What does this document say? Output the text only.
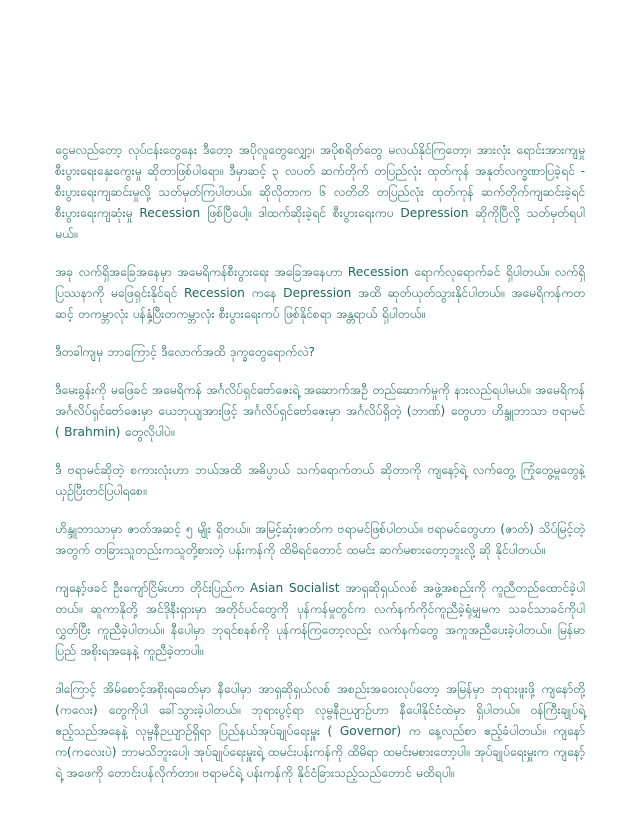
ငွေမလည်တော့ လုပ်ငန်းတွေနေး ဒီတော့ အပိုလူတွေလျှော့၊ အပိုစရိတ်တွေ မလယ်နိုင်ကြတော့၊ အားလုံး ရောင်းအားကျမှု စီးပွားရေးနှေးကွေးမှု ဆိုတာဖြစ်ပါရော။ ဒီမှာဆင့် ၃ လပတ် ဆက်တိုက် တပြည်လုံး ထုတ်ကုန် အနုတ်လက္ခဏာပြခဲ့ရင် - စီးပွားရေးကျဆင်းမှုလို့ သတ်မှတ်ကြပါတယ်။ ဆိုလိုတာက ၆ လတိတိ တပြည်လုံး ထုတ်ကုန် ဆက်တိုက်ကျဆင်းခဲ့ရင် စီးပွားရေးကျဆုံးမှု Recession ဖြစ်ပြီပေါ့။ ဒါထက်ဆိုးခဲ့ရင် စီးပွားရေးကပ Depression ဆိုကိုပြီလို့ သတ်မှတ်ရပါမယ်။

အခု လက်ရှိအခြေအနေမှာ အမေရိကန်စီးပွားရေး အခြေအနေဟာ Recession ရောက်လုရောက်ခင် ရှိပါတယ်။ လက်ရှိ ပြဿနာကို မဖြေရှင်းနိုင်ရင် Recession ကနေ Depression အထိ ဆုတ်ယုတ်သွားနိုင်ပါတယ်။ အမေရိကန်ကတဆင့် တကမ္ဘာလုံး ပန်နှံ့ပြီးတကမ္ဘာလုံး စီးပွားရေးကပ် ဖြစ်နိုင်စရာ အန္တရာယ် ရှိပါတယ်။

ဒီတခါကျမှ ဘာကြောင့် ဒီလောက်အထိ ဒုက္ခတွေရောက်လဲ?

ဒီမေးခွန်းကို မဖြေခင် အမေရိကန် အင်္ဂလိပ်ရှင်ဗော်ဇေးရဲ့ အဆောက်အဦ တည်ဆောက်မှုကို နားလည်ရပါမယ်။ အမေရိကန် အင်္ဂလိပ်ရှင်ဗော်ဇေးမှာ ယေဘုယျအားဖြင့် အင်္ဂလိပ်ရှင်ဗော်ဇေးမှာ အင်္ဂလိပ်ရှိတဲ့ (ဘာဏ်) တွေဟာ ဟိန္ဒူဘာသာ ဗရာမင် ( Brahmin) တွေလိုပါပဲ။

ဒီ ဗရာမင်ဆိုတဲ့ စကားလုံးဟာ ဘယ်အထိ အဓိပ္ပာယ် သက်ရောက်တယ် ဆိုတာကို ကျနော့်ရဲ့ လက်တွေ့ ကြုံတွေ့မှုတွေနဲ့ ယှဉ်ပြီးတင်ပြပါရစေ။

ဟိန္ဒူဘာသာမှာ ဇာတ်အဆင့် ၅ မျိုး ရှိတယ်။ အမြင့်ဆုံးဇာတ်က ဗရာမင်ဖြစ်ပါတယ်။ ဗရာမင်တွေဟာ (ဇာတ်) သိပ်မြင့်တဲ့အတွက် တခြားသူတည်းကသူတို့စားတဲ့ ပန်းကန်ကို ထိမိရင်တောင် ထမင်း ဆက်မစားတော့ဘူးလို့ ဆို နိုင်ပါတယ်။

ကျနော့်ဖခင် ဦးကျော်ငြိမ်းဟာ တိုင်းပြည်က Asian Socialist အာရှဆိုရှယ်လစ် အဖွဲ့အစည်းကို ကူညီတည်ထောင်ခဲ့ပါတယ်။ ဆူကာနိုတို့ အင်ဒိုနီးရှားမှာ အတိုင်ပင်တွေကို ပုန်ကန်မှုတွင်က လက်နက်ကိုင်ကူညီခဲ့ရုံမျှမက သခင်သာခင်ကိုပါ လွှတ်ပြီး ကူညီခဲ့ပါတယ်။ နီပေါမှာ ဘုရင်စနစ်ကို ပုန်ကန်ကြတော့လည်း လက်နက်တွေ အကူအညီပေးခဲ့ပါတယ်။ မြန်မာပြည် အစိုးရအနေနဲ့ ကူညီခဲ့တာပါ။

ဒါကြောင့် အိမ်စောင့်အစိုးရခေတ်မှာ နီပေါမှာ အာရှဆိုရှယ်လစ် အစည်းအဝေးလုပ်တော့ အမြန်မှာ ဘုရားဖူးဖို့ ကျနော်တို့ (ကလေး) တွေကိုပါ ခေါ်သွားခဲ့ပါတယ်။ ဘုရားပွင့်ရာ လုမ္ဗနီဉယျာဉ်ဟာ နီပေါနိုင်ငံထဲမှာ ရှိပါတယ်။ ဝန်ကြီးချုပ်ရဲ့ ဧည့်သည်အနေနဲ့ လုမ္ဗနီဉယျာဉ်ရှိရာ ပြည်နယ်အုပ်ချုပ်ရေးမှူး ( Governor) က နေ့လည်စာ ဧည့်ခံပါတယ်။ ကျနော်က(ကလေးပဲ) ဘာမသိဘူးပေါ့၊ အုပ်ချုပ်ရေးမှူးရဲ့ ထမင်းပန်းကန်ကို ထိမိရာ ထမင်းမစားတော့ပါ။ အုပ်ချုပ်ရေးမှူးက ကျနော့်ရဲ့ အဖေကို တောင်းပန်လိုက်တာ။ ဗရာမင်ရဲ့ ပန်းကန်ကို နိုင်ငံခြားသည့်သည်တောင် မထိရပါ။
